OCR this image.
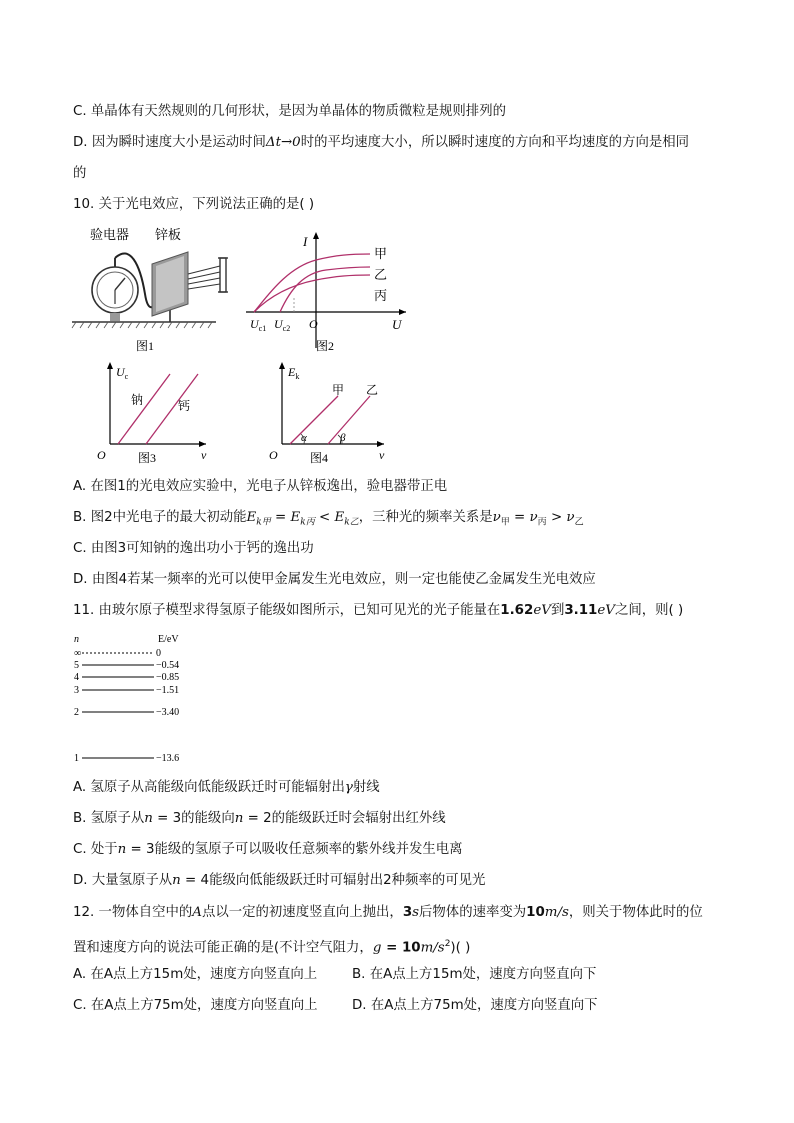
C. 单晶体有天然规则的几何形状，是因为单晶体的物质微粒是规则排列的
D. 因为瞬时速度大小是运动时间Δt→0时的平均速度大小，所以瞬时速度的方向和平均速度的方向是相同
的
10. 关于光电效应，下列说法正确的是( )
验电器 锌板
图1
I
U
O
甲
乙
丙
$U_{c1}$ $U_{c2}$
图2
$U_c$
ν
O
钠	钙
图3
$E_k$
ν
O
甲 乙
α	β
图4
A. 在图1的光电效应实验中，光电子从锌板逸出，验电器带正电
B. 图2中光电子的最大初动能$E_{k甲} = E_{k丙} < E_{k乙}$，三种光的频率关系是$\nu_甲 = \nu_丙 > \nu_乙$
C. 由图3可知钠的逸出功小于钙的逸出功
D. 由图4若某一频率的光可以使甲金属发生光电效应，则一定也能使乙金属发生光电效应
11. 由玻尔原子模型求得氢原子能级如图所示，已知可见光的光子能量在1.62eV到3.11eV之间，则( )
n	E/eV
∞	0
5	−0.54
4	−0.85
3	−1.51
2	−3.40
1	−13.6
A. 氢原子从高能级向低能级跃迁时可能辐射出γ射线
B. 氢原子从n = 3的能级向n = 2的能级跃迁时会辐射出红外线
C. 处于n = 3能级的氢原子可以吸收任意频率的紫外线并发生电离
D. 大量氢原子从n = 4能级向低能级跃迁时可辐射出2种频率的可见光
12. 一物体自空中的A点以一定的初速度竖直向上抛出，3s后物体的速率变为10m/s，则关于物体此时的位
置和速度方向的说法可能正确的是(不计空气阻力，$g = 10m/s^2$)( )
A. 在A点上方15m处，速度方向竖直向上	B. 在A点上方15m处，速度方向竖直向下
C. 在A点上方75m处，速度方向竖直向上	D. 在A点上方75m处，速度方向竖直向下
